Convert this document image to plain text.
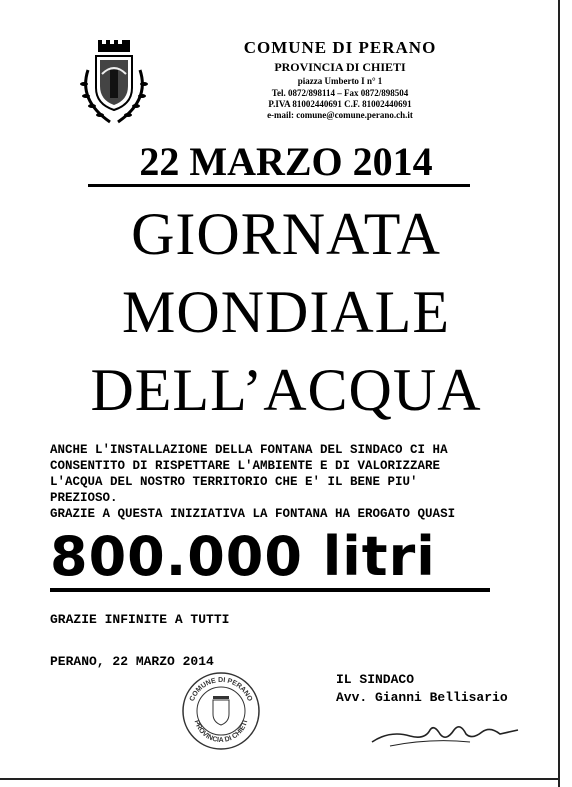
COMUNE DI PERANO
PROVINCIA DI CHIETI
piazza Umberto I n° 1
Tel. 0872/898114 – Fax 0872/898504
P.IVA 81002440691 C.F. 81002440691
e-mail: comune@comune.perano.ch.it
22 MARZO 2014
GIORNATA
MONDIALE
DELL’ACQUA
ANCHE L'INSTALLAZIONE DELLA FONTANA DEL SINDACO CI HA
CONSENTITO DI RISPETTARE L'AMBIENTE E DI VALORIZZARE
L'ACQUA DEL NOSTRO TERRITORIO CHE E' IL BENE PIU'
PREZIOSO.
GRAZIE A QUESTA INIZIATIVA LA FONTANA HA EROGATO QUASI
800.000 litri
GRAZIE INFINITE A TUTTI
PERANO, 22 MARZO 2014
IL SINDACO
Avv. Gianni Bellisario
COMUNE DI PERANO
PROVINCIA DI CHIETI
